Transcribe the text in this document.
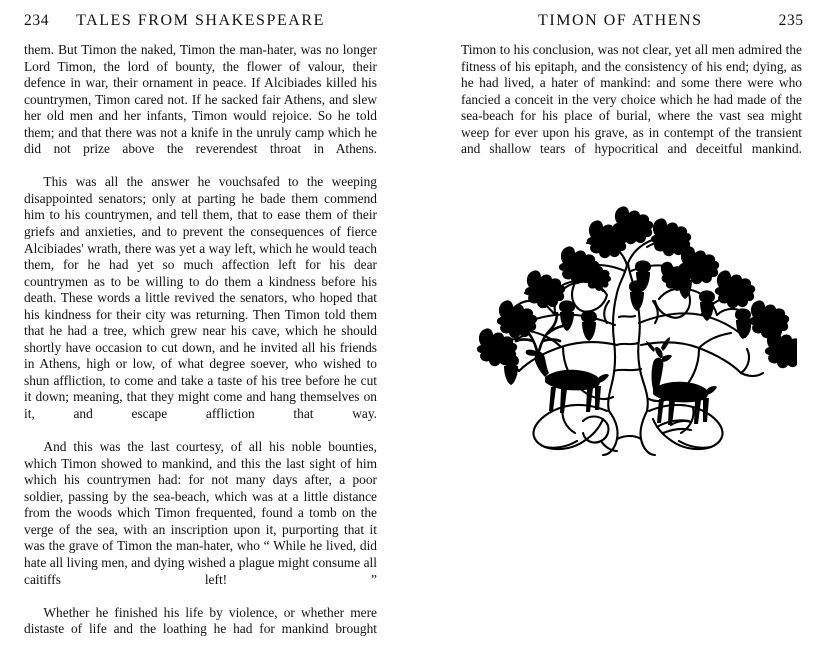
234 TALES FROM SHAKESPEARE

them. But Timon the naked, Timon the man-hater, was no longer Lord Timon, the lord of bounty, the flower of valour, their defence in war, their ornament in peace. If Alcibiades killed his countrymen, Timon cared not. If he sacked fair Athens, and slew her old men and her infants, Timon would rejoice. So he told them; and that there was not a knife in the unruly camp which he did not prize above the reverendest throat in Athens.

This was all the answer he vouchsafed to the weeping disappointed senators; only at parting he bade them commend him to his countrymen, and tell them, that to ease them of their griefs and anxieties, and to prevent the consequences of fierce Alcibiades' wrath, there was yet a way left, which he would teach them, for he had yet so much affection left for his dear countrymen as to be willing to do them a kindness before his death. These words a little revived the senators, who hoped that his kindness for their city was returning. Then Timon told them that he had a tree, which grew near his cave, which he should shortly have occasion to cut down, and he invited all his friends in Athens, high or low, of what degree soever, who wished to shun affliction, to come and take a taste of his tree before he cut it down; meaning, that they might come and hang themselves on it, and escape affliction that way.

And this was the last courtesy, of all his noble bounties, which Timon showed to mankind, and this the last sight of him which his countrymen had: for not many days after, a poor soldier, passing by the sea-beach, which was at a little distance from the woods which Timon frequented, found a tomb on the verge of the sea, with an inscription upon it, purporting that it was the grave of Timon the man-hater, who “ While he lived, did hate all living men, and dying wished a plague might consume all caitiffs left! ”

Whether he finished his life by violence, or whether mere distaste of life and the loathing he had for mankind brought

TIMON OF ATHENS	235

Timon to his conclusion, was not clear, yet all men admired the fitness of his epitaph, and the consistency of his end; dying, as he had lived, a hater of mankind: and some there were who fancied a conceit in the very choice which he had made of the sea-beach for his place of burial, where the vast sea might weep for ever upon his grave, as in contempt of the transient and shallow tears of hypocritical and deceitful mankind.
